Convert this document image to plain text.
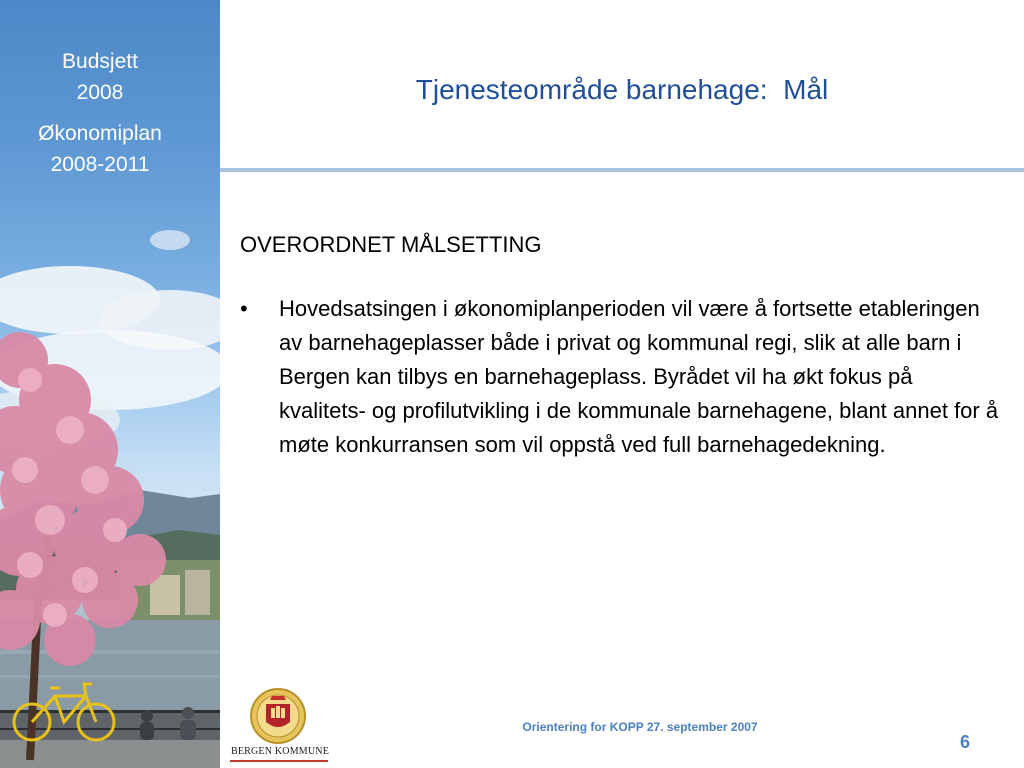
Budsjett
2008
Økonomiplan
2008-2011
Tjenesteområde barnehage:  Mål

OVERORDNET MÅLSETTING

•	Hovedsatsingen i økonomiplanperioden vil være å fortsette etableringen av barnehageplasser både i privat og kommunal regi, slik at alle barn i Bergen kan tilbys en barnehageplass. Byrådet vil ha økt fokus på kvalitets- og profilutvikling i de kommunale barnehagene, blant annet for å møte konkurransen som vil oppstå ved full barnehagedekning.

BERGEN KOMMUNE
Orientering for KOPP 27. september 2007
6
